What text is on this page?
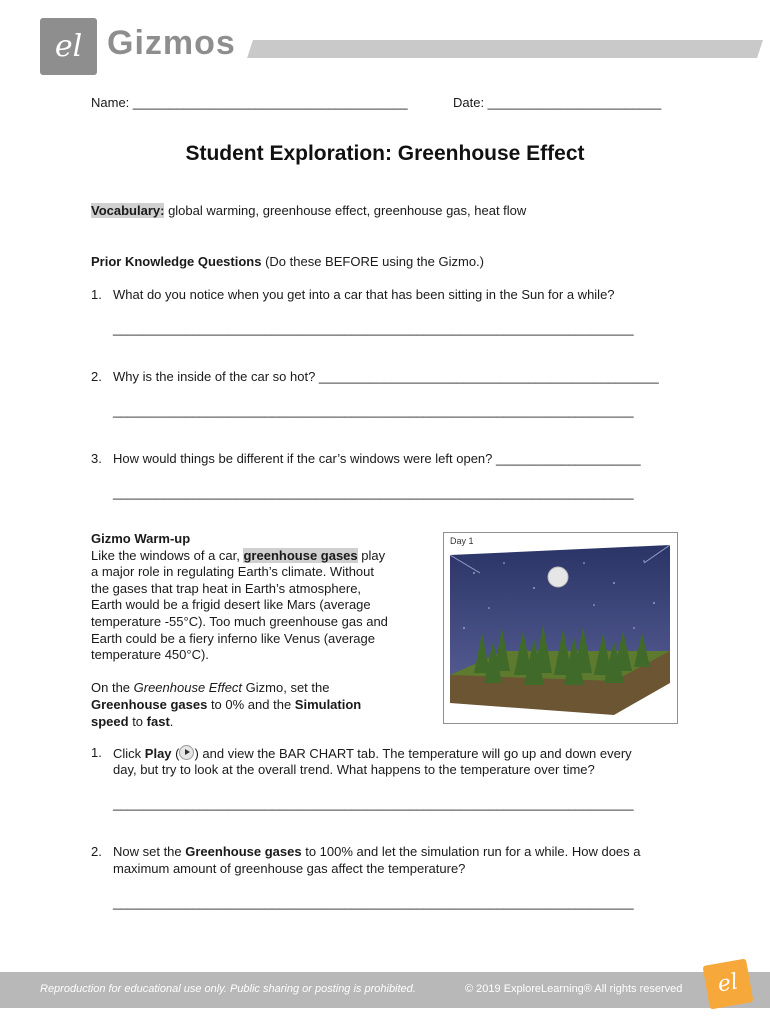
el Gizmos
Name: ______________________________________	Date: ________________________
Student Exploration: Greenhouse Effect
Vocabulary: global warming, greenhouse effect, greenhouse gas, heat flow
Prior Knowledge Questions (Do these BEFORE using the Gizmo.)
1. What do you notice when you get into a car that has been sitting in the Sun for a while?
________________________________________________________________________
2. Why is the inside of the car so hot? _______________________________________________
________________________________________________________________________
3. How would things be different if the car’s windows were left open? ____________________
________________________________________________________________________
Gizmo Warm-up
Like the windows of a car, greenhouse gases play
a major role in regulating Earth’s climate. Without
the gases that trap heat in Earth’s atmosphere,
Earth would be a frigid desert like Mars (average
temperature -55°C). Too much greenhouse gas and
Earth could be a fiery inferno like Venus (average
temperature 450°C).
On the Greenhouse Effect Gizmo, set the
Greenhouse gases to 0% and the Simulation
speed to fast.
Day 1
1. Click Play ( ) and view the BAR CHART tab. The temperature will go up and down every
day, but try to look at the overall trend. What happens to the temperature over time?
________________________________________________________________________
2. Now set the Greenhouse gases to 100% and let the simulation run for a while. How does a
maximum amount of greenhouse gas affect the temperature?
________________________________________________________________________
Reproduction for educational use only. Public sharing or posting is prohibited.	© 2019 ExploreLearning® All rights reserved	el
